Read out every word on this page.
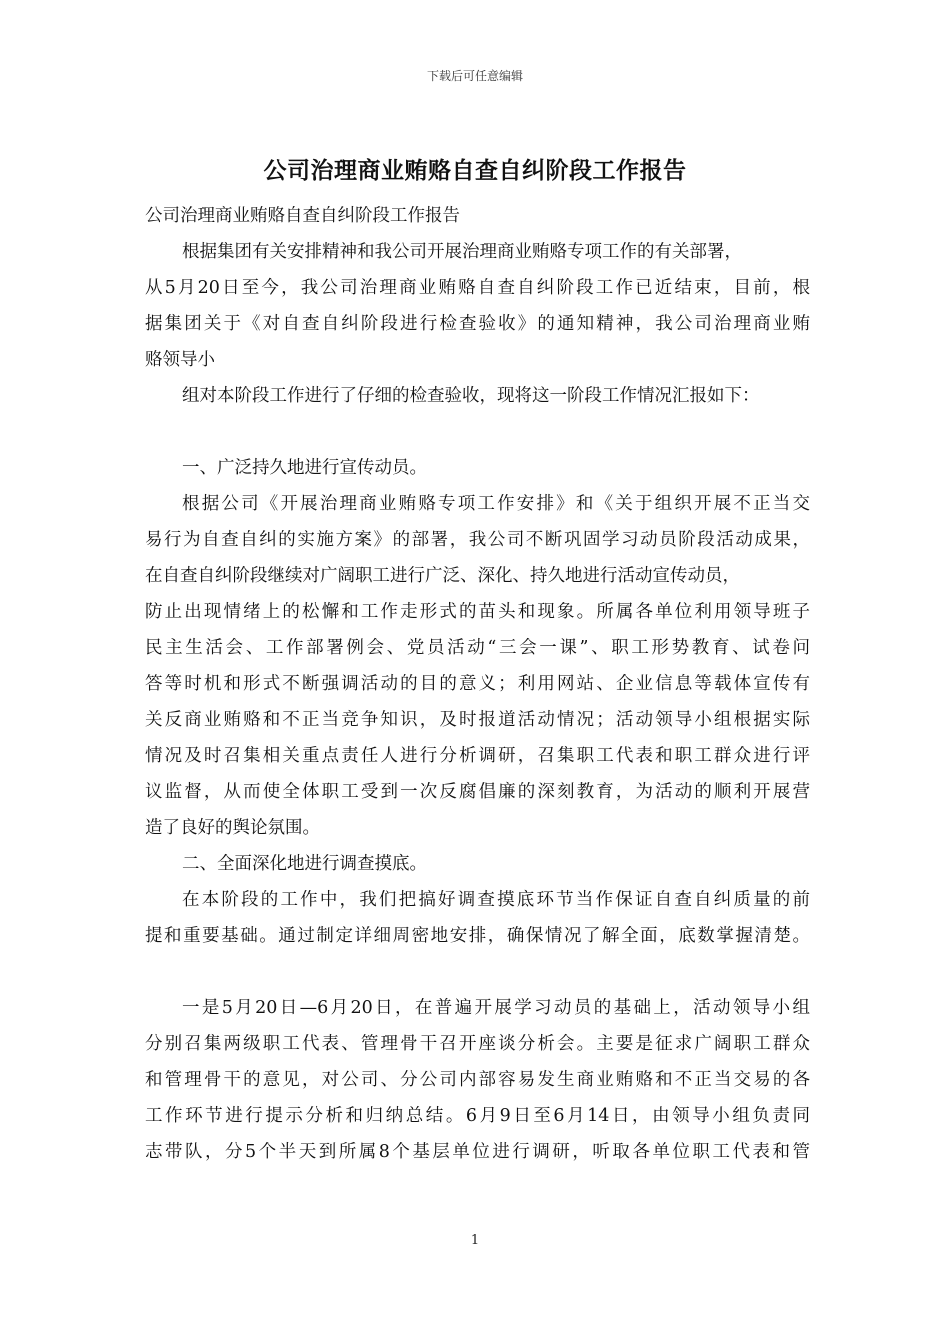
下载后可任意编辑
公司治理商业贿赂自查自纠阶段工作报告
公司治理商业贿赂自查自纠阶段工作报告
根据集团有关安排精神和我公司开展治理商业贿赂专项工作的有关部署，
从5月20日至今，我公司治理商业贿赂自查自纠阶段工作已近结束，目前，根
据集团关于《对自查自纠阶段进行检查验收》的通知精神，我公司治理商业贿
赂领导小
组对本阶段工作进行了仔细的检查验收，现将这一阶段工作情况汇报如下：
一、广泛持久地进行宣传动员。
根据公司《开展治理商业贿赂专项工作安排》和《关于组织开展不正当交
易行为自查自纠的实施方案》的部署，我公司不断巩固学习动员阶段活动成果，
在自查自纠阶段继续对广阔职工进行广泛、深化、持久地进行活动宣传动员，
防止出现情绪上的松懈和工作走形式的苗头和现象。所属各单位利用领导班子
民主生活会、工作部署例会、党员活动“三会一课”、职工形势教育、试卷问
答等时机和形式不断强调活动的目的意义；利用网站、企业信息等载体宣传有
关反商业贿赂和不正当竞争知识，及时报道活动情况；活动领导小组根据实际
情况及时召集相关重点责任人进行分析调研，召集职工代表和职工群众进行评
议监督，从而使全体职工受到一次反腐倡廉的深刻教育，为活动的顺利开展营
造了良好的舆论氛围。
二、全面深化地进行调查摸底。
在本阶段的工作中，我们把搞好调查摸底环节当作保证自查自纠质量的前
提和重要基础。通过制定详细周密地安排，确保情况了解全面，底数掌握清楚。
一是5月20日—6月20日，在普遍开展学习动员的基础上，活动领导小组
分别召集两级职工代表、管理骨干召开座谈分析会。主要是征求广阔职工群众
和管理骨干的意见，对公司、分公司内部容易发生商业贿赂和不正当交易的各
工作环节进行提示分析和归纳总结。6月9日至6月14日，由领导小组负责同
志带队，分5个半天到所属8个基层单位进行调研，听取各单位职工代表和管
1
